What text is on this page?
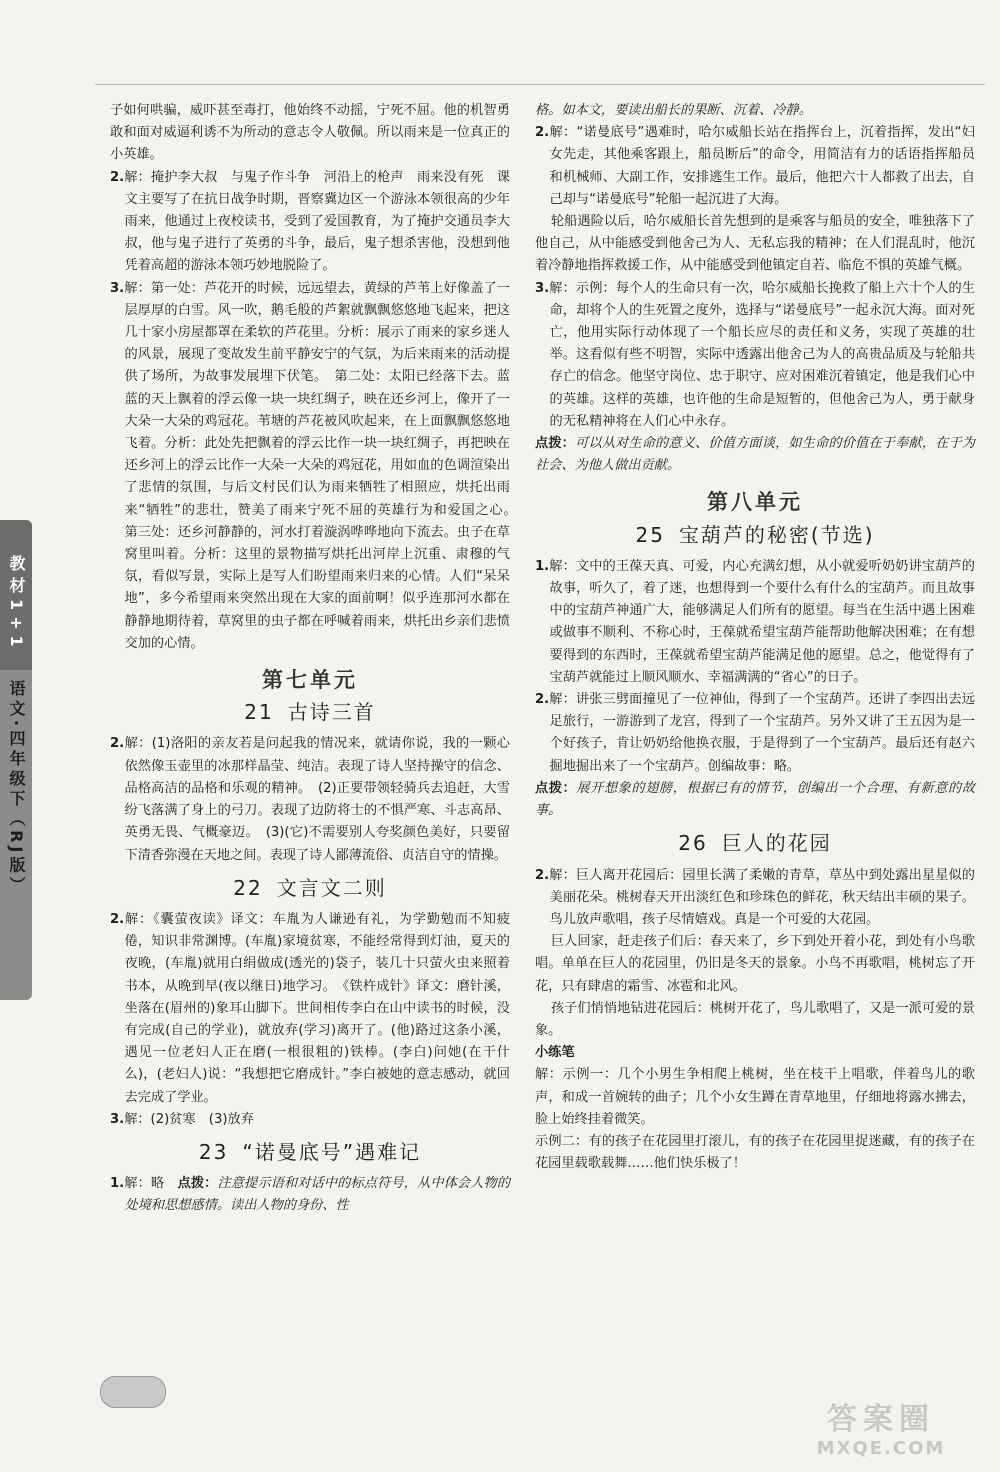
教材1+1
语文·四年级下（RJ版）

子如何哄骗，威吓甚至毒打，他始终不动摇，宁死不屈。他的机智勇敢和面对威逼利诱不为所动的意志令人敬佩。所以雨来是一位真正的小英雄。

2.解：掩护李大叔　与鬼子作斗争　河沿上的枪声　雨来没有死　课文主要写了在抗日战争时期，晋察冀边区一个游泳本领很高的少年雨来，他通过上夜校读书，受到了爱国教育，为了掩护交通员李大叔，他与鬼子进行了英勇的斗争，最后，鬼子想杀害他，没想到他凭着高超的游泳本领巧妙地脱险了。

3.解：第一处：芦花开的时候，远远望去，黄绿的芦苇上好像盖了一层厚厚的白雪。风一吹，鹅毛般的芦絮就飘飘悠悠地飞起来，把这几十家小房屋都罩在柔软的芦花里。分析：展示了雨来的家乡迷人的风景，展现了变故发生前平静安宁的气氛，为后来雨来的活动提供了场所，为故事发展埋下伏笔。　第二处：太阳已经落下去。蓝蓝的天上飘着的浮云像一块一块红绸子，映在还乡河上，像开了一大朵一大朵的鸡冠花。苇塘的芦花被风吹起来，在上面飘飘悠悠地飞着。分析：此处先把飘着的浮云比作一块一块红绸子，再把映在还乡河上的浮云比作一大朵一大朵的鸡冠花，用如血的色调渲染出了悲情的氛围，与后文村民们认为雨来牺牲了相照应，烘托出雨来“牺牲”的悲壮，赞美了雨来宁死不屈的英雄行为和爱国之心。　第三处：还乡河静静的，河水打着漩涡哗哗地向下流去。虫子在草窝里叫着。分析：这里的景物描写烘托出河岸上沉重、肃穆的气氛，看似写景，实际上是写人们盼望雨来归来的心情。人们“呆呆地”，多今希望雨来突然出现在大家的面前啊！似乎连那河水都在静静地期待着，草窝里的虫子都在呼喊着雨来，烘托出乡亲们悲愤交加的心情。

第七单元
21 古诗三首

2.解：(1)洛阳的亲友若是问起我的情况来，就请你说，我的一颗心依然像玉壶里的冰那样晶莹、纯洁。表现了诗人坚持操守的信念、品格高洁的品格和乐观的精神。　(2)正要带领轻骑兵去追赶，大雪纷飞落满了身上的弓刀。表现了边防将士的不惧严寒、斗志高昂、英勇无畏、气概豪迈。　(3)(它)不需要别人夸奖颜色美好，只要留下清香弥漫在天地之间。表现了诗人鄙薄流俗、贞洁自守的情操。

22 文言文二则

2.解：《囊萤夜读》译文：车胤为人谦逊有礼，为学勤勉而不知疲倦，知识非常渊博。(车胤)家境贫寒，不能经常得到灯油，夏天的夜晚，(车胤)就用白绢做成(透光的)袋子，装几十只萤火虫来照着书本，从晚到早(夜以继日)地学习。　《铁杵成针》译文：磨针溪，坐落在(眉州的)象耳山脚下。世间相传李白在山中读书的时候，没有完成(自己的学业)，就放弃(学习)离开了。(他)路过这条小溪，遇见一位老妇人正在磨(一根很粗的)铁棒。(李白)问她(在干什么)，(老妇人)说：“我想把它磨成针。”李白被她的意志感动，就回去完成了学业。

3.解：(2)贫寒　(3)放弃

23 “诺曼底号”遇难记

1.解：略　点拨：注意提示语和对话中的标点符号，从中体会人物的处境和思想感情。读出人物的身份、性

格。如本文，要读出船长的果断、沉着、冷静。

2.解：“诺曼底号”遇难时，哈尔威船长站在指挥台上，沉着指挥，发出“妇女先走，其他乘客跟上，船员断后”的命令，用简洁有力的话语指挥船员和机械师、大副工作，安排逃生工作。最后，他把六十人都救了出去，自己却与“诺曼底号”轮船一起沉进了大海。

轮船遇险以后，哈尔威船长首先想到的是乘客与船员的安全，唯独落下了他自己，从中能感受到他舍己为人、无私忘我的精神；在人们混乱时，他沉着冷静地指挥救援工作，从中能感受到他镇定自若、临危不惧的英雄气概。

3.解：示例：每个人的生命只有一次，哈尔威船长挽救了船上六十个人的生命，却将个人的生死置之度外，选择与“诺曼底号”一起永沉大海。面对死亡，他用实际行动体现了一个船长应尽的责任和义务，实现了英雄的壮举。这看似有些不明智，实际中透露出他舍己为人的高贵品质及与轮船共存亡的信念。他坚守岗位、忠于职守、应对困难沉着镇定，他是我们心中的英雄。这样的英雄，也许他的生命是短暂的，但他舍己为人，勇于献身的无私精神将在人们心中永存。

点拨：可以从对生命的意义、价值方面谈，如生命的价值在于奉献，在于为社会、为他人做出贡献。

第八单元
25 宝葫芦的秘密(节选)

1.解：文中的王葆天真、可爱，内心充满幻想，从小就爱听奶奶讲宝葫芦的故事，听久了，着了迷，也想得到一个要什么有什么的宝葫芦。而且故事中的宝葫芦神通广大，能够满足人们所有的愿望。每当在生活中遇上困难或做事不顺利、不称心时，王葆就希望宝葫芦能帮助他解决困难；在有想要得到的东西时，王葆就希望宝葫芦能满足他的愿望。总之，他觉得有了宝葫芦就能过上顺风顺水、幸福满满的“省心”的日子。

2.解：讲张三劈面撞见了一位神仙，得到了一个宝葫芦。还讲了李四出去远足旅行，一游游到了龙宫，得到了一个宝葫芦。另外又讲了王五因为是一个好孩子，肯让奶奶给他换衣服，于是得到了一个宝葫芦。最后还有赵六掘地掘出来了一个宝葫芦。创编故事：略。

点拨：展开想象的翅膀，根据已有的情节，创编出一个合理、有新意的故事。

26 巨人的花园

2.解：巨人离开花园后：园里长满了柔嫩的青草，草丛中到处露出星星似的美丽花朵。桃树春天开出淡红色和珍珠色的鲜花，秋天结出丰硕的果子。鸟儿放声歌唱，孩子尽情嬉戏。真是一个可爱的大花园。

巨人回家，赶走孩子们后：春天来了，乡下到处开着小花，到处有小鸟歌唱。单单在巨人的花园里，仍旧是冬天的景象。小鸟不再歌唱，桃树忘了开花，只有肆虐的霜雪、冰雹和北风。

孩子们悄悄地钻进花园后：桃树开花了，鸟儿歌唱了，又是一派可爱的景象。

小练笔

解：示例一：几个小男生争相爬上桃树，坐在枝干上唱歌，伴着鸟儿的歌声，和成一首婉转的曲子；几个小女生蹲在青草地里，仔细地将露水拂去，脸上始终挂着微笑。

示例二：有的孩子在花园里打滚儿，有的孩子在花园里捉迷藏，有的孩子在花园里载歌载舞……他们快乐极了！

答案圈
MXQE.COM
